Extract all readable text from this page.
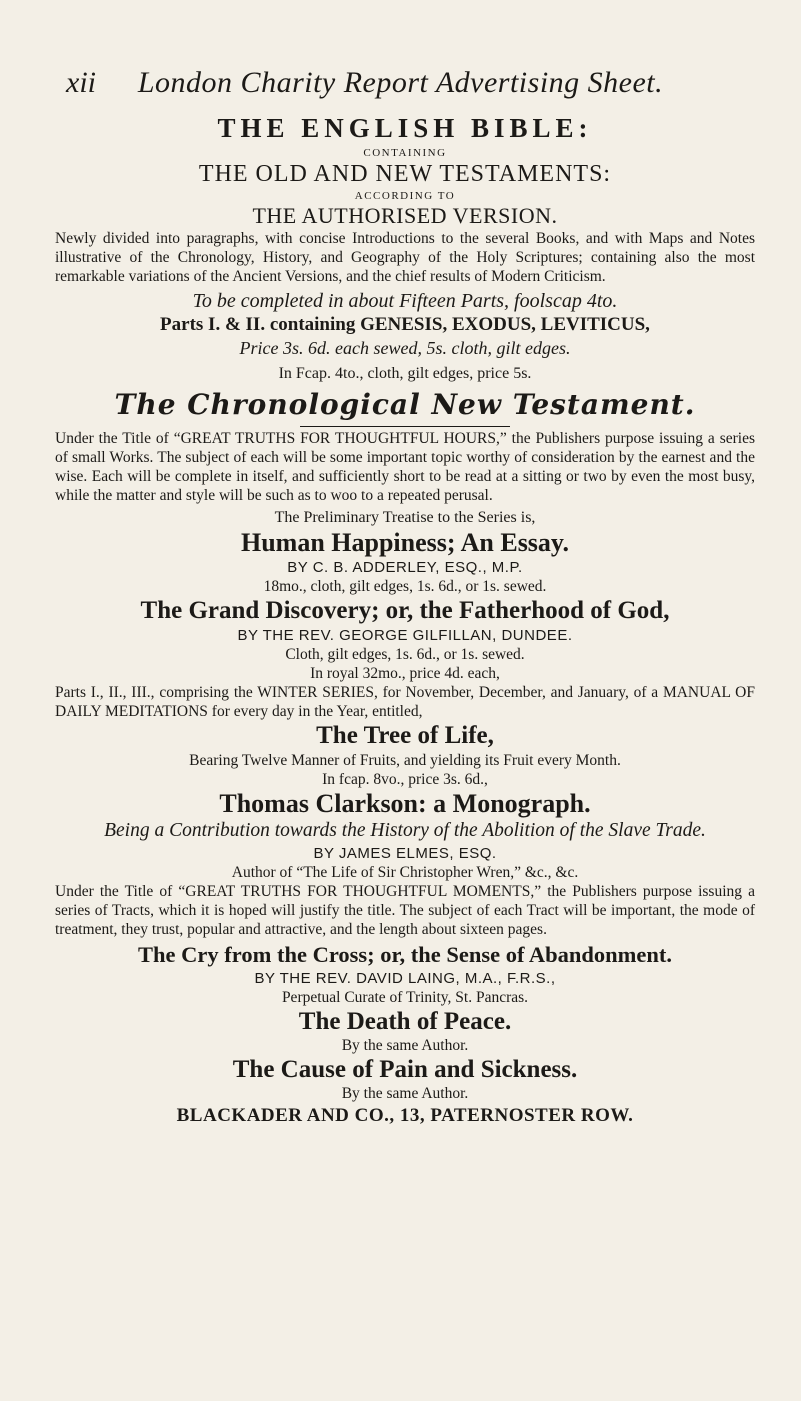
xii	London Charity Report Advertising Sheet.

THE ENGLISH BIBLE:

CONTAINING

THE OLD AND NEW TESTAMENTS:

ACCORDING TO

THE AUTHORISED VERSION.

Newly divided into paragraphs, with concise Introductions to the several Books, and with Maps and Notes illustrative of the Chronology, History, and Geography of the Holy Scriptures; containing also the most remarkable variations of the Ancient Versions, and the chief results of Modern Criticism.

To be completed in about Fifteen Parts, foolscap 4to.

Parts I. & II. containing GENESIS, EXODUS, LEVITICUS,

Price 3s. 6d. each sewed, 5s. cloth, gilt edges.

In Fcap. 4to., cloth, gilt edges, price 5s.

The Chronological New Testament.

Under the Title of “GREAT TRUTHS FOR THOUGHTFUL HOURS,” the Publishers purpose issuing a series of small Works. The subject of each will be some important topic worthy of consideration by the earnest and the wise. Each will be complete in itself, and sufficiently short to be read at a sitting or two by even the most busy, while the matter and style will be such as to woo to a repeated perusal.

The Preliminary Treatise to the Series is,

Human Happiness; An Essay.

BY C. B. ADDERLEY, ESQ., M.P.

18mo., cloth, gilt edges, 1s. 6d., or 1s. sewed.

The Grand Discovery; or, the Fatherhood of God,

BY THE REV. GEORGE GILFILLAN, DUNDEE.

Cloth, gilt edges, 1s. 6d., or 1s. sewed.

In royal 32mo., price 4d. each,

Parts I., II., III., comprising the WINTER SERIES, for November, December, and January, of a MANUAL OF DAILY MEDITATIONS for every day in the Year, entitled,

The Tree of Life,

Bearing Twelve Manner of Fruits, and yielding its Fruit every Month.

In fcap. 8vo., price 3s. 6d.,

Thomas Clarkson: a Monograph.

Being a Contribution towards the History of the Abolition of the Slave Trade.

BY JAMES ELMES, ESQ.

Author of “The Life of Sir Christopher Wren,” &c., &c.

Under the Title of “GREAT TRUTHS FOR THOUGHTFUL MOMENTS,” the Publishers purpose issuing a series of Tracts, which it is hoped will justify the title. The subject of each Tract will be important, the mode of treatment, they trust, popular and attractive, and the length about sixteen pages.

The Cry from the Cross; or, the Sense of Abandonment.

BY THE REV. DAVID LAING, M.A., F.R.S.,

Perpetual Curate of Trinity, St. Pancras.

The Death of Peace.

By the same Author.

The Cause of Pain and Sickness.

By the same Author.

BLACKADER AND CO., 13, PATERNOSTER ROW.
